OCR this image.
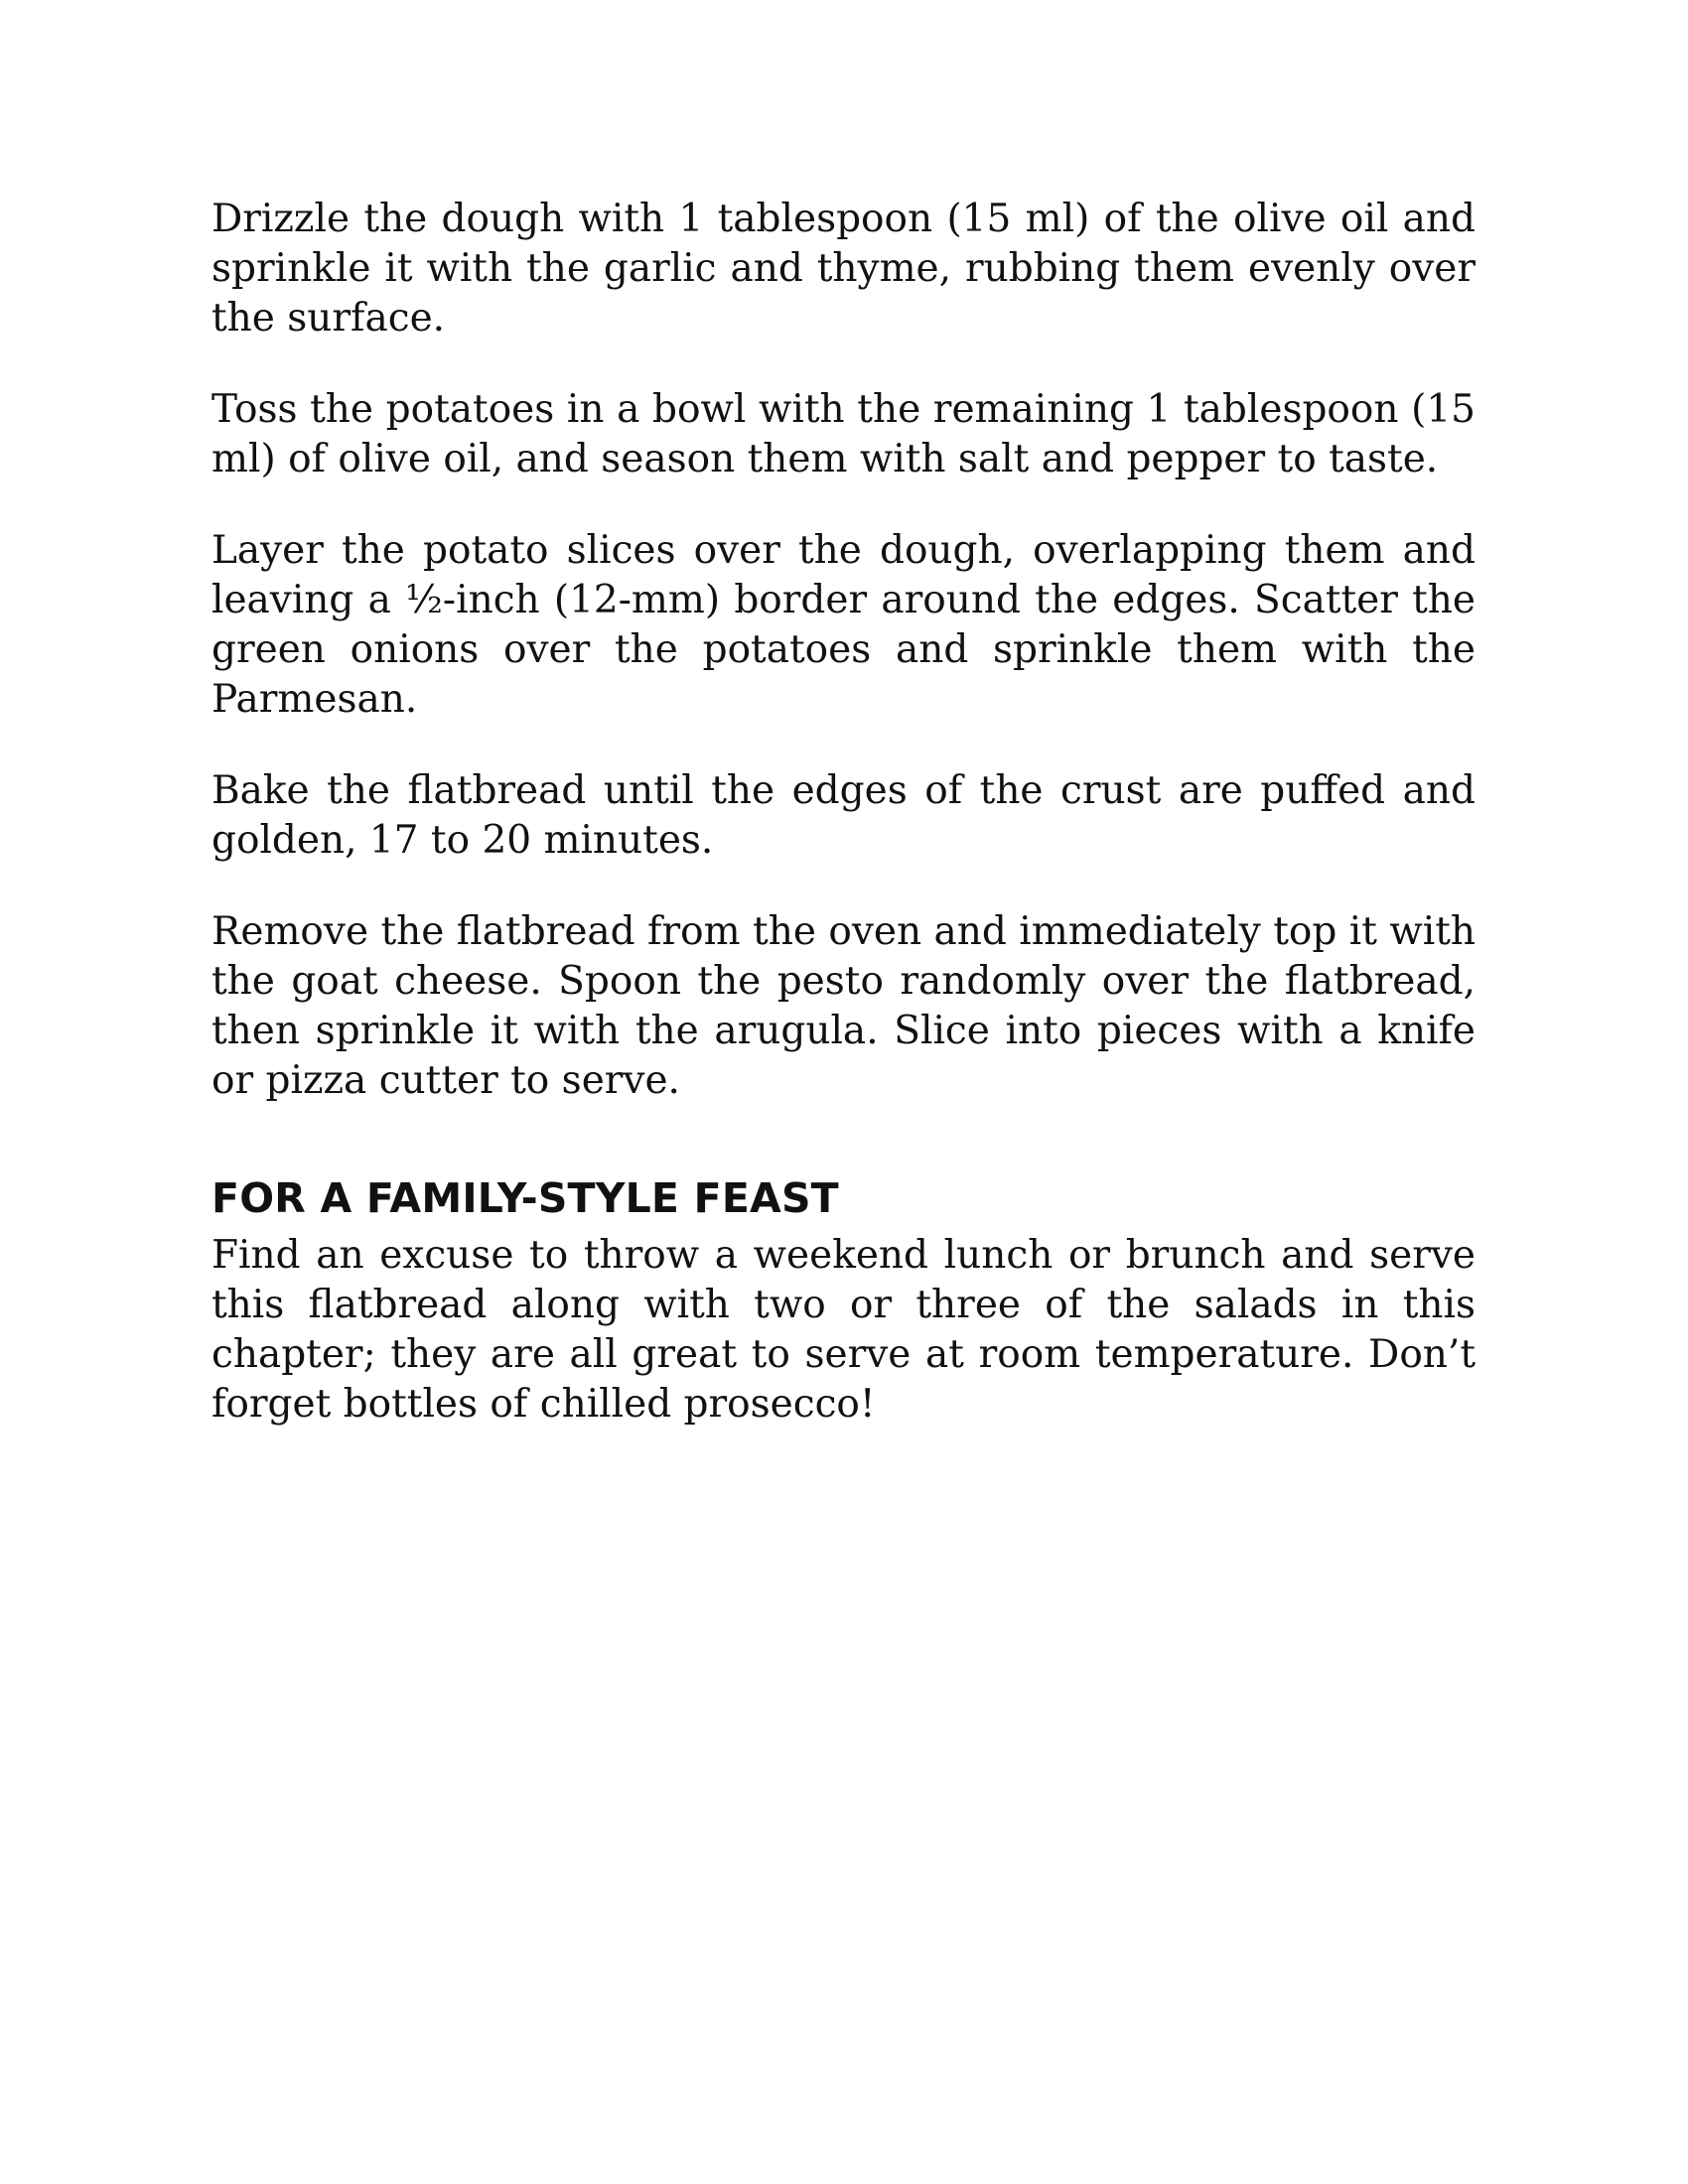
Drizzle the dough with 1 tablespoon (15 ml) of the olive oil and sprinkle it with the garlic and thyme, rubbing them evenly over the surface.

Toss the potatoes in a bowl with the remaining 1 tablespoon (15 ml) of olive oil, and season them with salt and pepper to taste.

Layer the potato slices over the dough, overlapping them and leaving a ½-inch (12-mm) border around the edges. Scatter the green onions over the potatoes and sprinkle them with the Parmesan.

Bake the flatbread until the edges of the crust are puffed and golden, 17 to 20 minutes.

Remove the flatbread from the oven and immediately top it with the goat cheese. Spoon the pesto randomly over the flatbread, then sprinkle it with the arugula. Slice into pieces with a knife or pizza cutter to serve.

FOR A FAMILY-STYLE FEAST

Find an excuse to throw a weekend lunch or brunch and serve this flatbread along with two or three of the salads in this chapter; they are all great to serve at room temperature. Don’t forget bottles of chilled prosecco!
